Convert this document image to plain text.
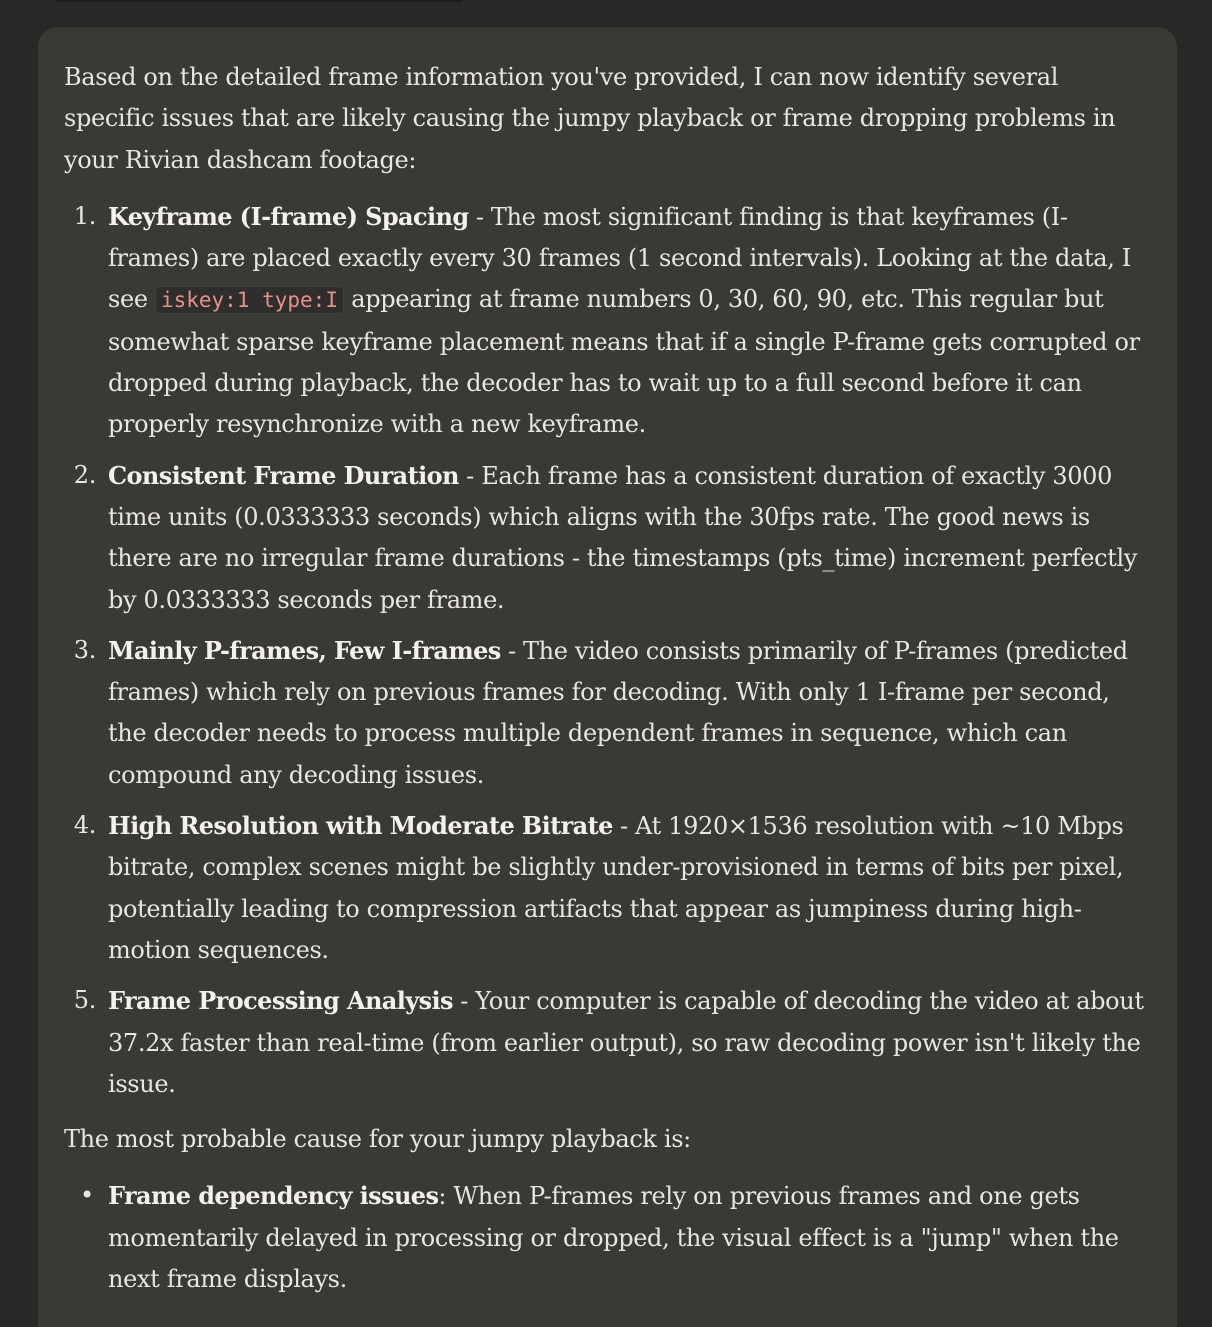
Based on the detailed frame information you've provided, I can now identify several specific issues that are likely causing the jumpy playback or frame dropping problems in your Rivian dashcam footage:

1. Keyframe (I-frame) Spacing - The most significant finding is that keyframes (I-frames) are placed exactly every 30 frames (1 second intervals). Looking at the data, I see iskey:1 type:I appearing at frame numbers 0, 30, 60, 90, etc. This regular but somewhat sparse keyframe placement means that if a single P-frame gets corrupted or dropped during playback, the decoder has to wait up to a full second before it can properly resynchronize with a new keyframe.
2. Consistent Frame Duration - Each frame has a consistent duration of exactly 3000 time units (0.0333333 seconds) which aligns with the 30fps rate. The good news is there are no irregular frame durations - the timestamps (pts_time) increment perfectly by 0.0333333 seconds per frame.
3. Mainly P-frames, Few I-frames - The video consists primarily of P-frames (predicted frames) which rely on previous frames for decoding. With only 1 I-frame per second, the decoder needs to process multiple dependent frames in sequence, which can compound any decoding issues.
4. High Resolution with Moderate Bitrate - At 1920×1536 resolution with ~10 Mbps bitrate, complex scenes might be slightly under-provisioned in terms of bits per pixel, potentially leading to compression artifacts that appear as jumpiness during high-motion sequences.
5. Frame Processing Analysis - Your computer is capable of decoding the video at about 37.2x faster than real-time (from earlier output), so raw decoding power isn't likely the issue.

The most probable cause for your jumpy playback is:

• Frame dependency issues: When P-frames rely on previous frames and one gets momentarily delayed in processing or dropped, the visual effect is a "jump" when the next frame displays.
